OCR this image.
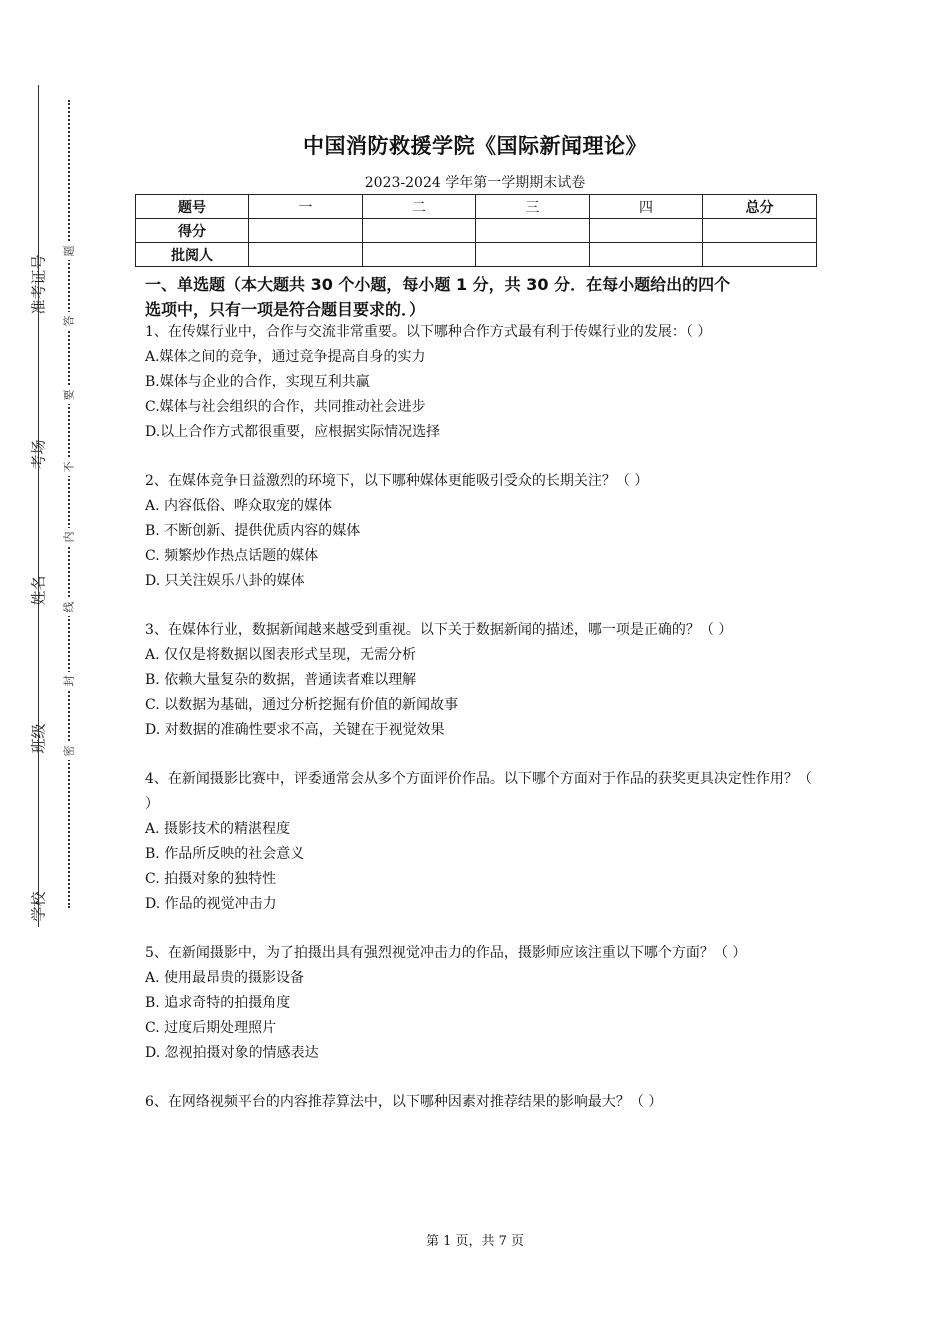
准考证号
考场
姓名
班级
学校
题
答
要
不
内
线
封
密
中国消防救援学院《国际新闻理论》
2023-2024 学年第一学期期末试卷
题号	一	二	三	四	总分
得分					
批阅人					
一、单选题（本大题共 30 个小题，每小题 1 分，共 30 分．在每小题给出的四个
选项中，只有一项是符合题目要求的．）

1、在传媒行业中，合作与交流非常重要。以下哪种合作方式最有利于传媒行业的发展：（ ）

A.媒体之间的竞争，通过竞争提高自身的实力

B.媒体与企业的合作，实现互利共赢

C.媒体与社会组织的合作，共同推动社会进步

D.以上合作方式都很重要，应根据实际情况选择

2、在媒体竞争日益激烈的环境下，以下哪种媒体更能吸引受众的长期关注？（ ）

A. 内容低俗、哗众取宠的媒体

B. 不断创新、提供优质内容的媒体

C. 频繁炒作热点话题的媒体

D. 只关注娱乐八卦的媒体

3、在媒体行业，数据新闻越来越受到重视。以下关于数据新闻的描述，哪一项是正确的？（ ）

A. 仅仅是将数据以图表形式呈现，无需分析

B. 依赖大量复杂的数据，普通读者难以理解

C. 以数据为基础，通过分析挖掘有价值的新闻故事

D. 对数据的准确性要求不高，关键在于视觉效果

4、在新闻摄影比赛中，评委通常会从多个方面评价作品。以下哪个方面对于作品的获奖更具决定性作用？（ ）

A. 摄影技术的精湛程度

B. 作品所反映的社会意义

C. 拍摄对象的独特性

D. 作品的视觉冲击力

5、在新闻摄影中，为了拍摄出具有强烈视觉冲击力的作品，摄影师应该注重以下哪个方面？（ ）

A. 使用最昂贵的摄影设备

B. 追求奇特的拍摄角度

C. 过度后期处理照片

D. 忽视拍摄对象的情感表达

6、在网络视频平台的内容推荐算法中，以下哪种因素对推荐结果的影响最大？（ ）

第 1 页，共 7 页
